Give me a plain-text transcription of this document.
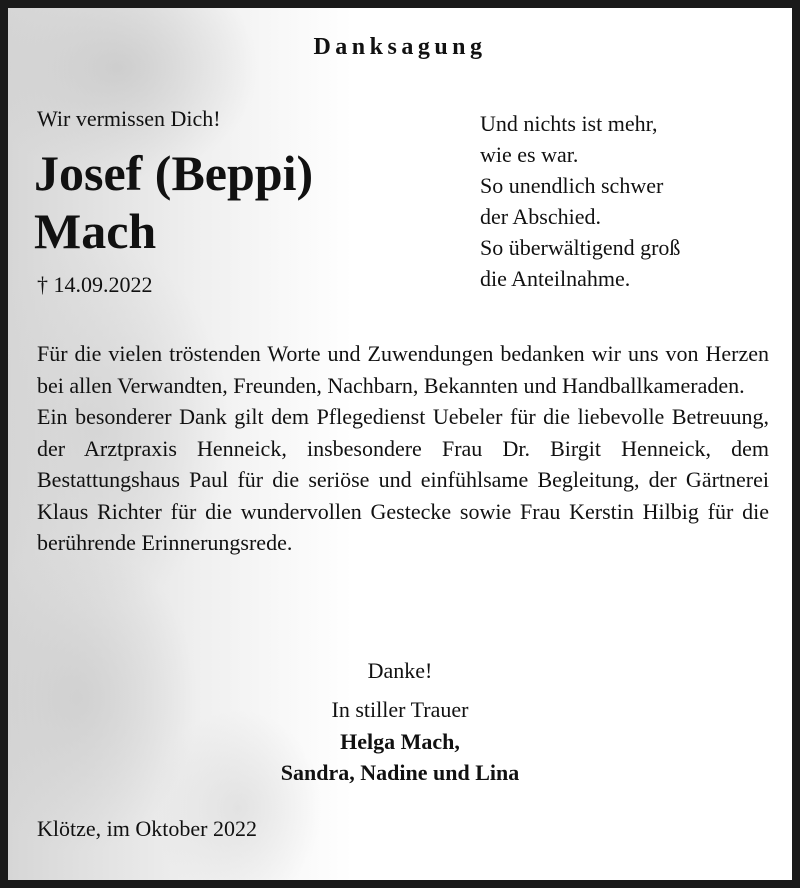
Danksagung
Wir vermissen Dich!
Josef (Beppi)
Mach
† 14.09.2022
Und nichts ist mehr,
wie es war.
So unendlich schwer
der Abschied.
So überwältigend groß
die Anteilnahme.

Für die vielen tröstenden Worte und Zuwendungen bedanken wir uns von Herzen bei allen Verwandten, Freunden, Nachbarn, Bekannten und Handballkameraden.

Ein besonderer Dank gilt dem Pflegedienst Uebeler für die liebevolle Betreuung, der Arztpraxis Henneick, insbesondere Frau Dr. Birgit Henneick, dem Bestattungshaus Paul für die seriöse und einfühlsame Begleitung, der Gärtnerei Klaus Richter für die wundervollen Gestecke sowie Frau Kerstin Hilbig für die berührende Erinnerungsrede.

Danke!
In stiller Trauer
Helga Mach,
Sandra, Nadine und Lina
Klötze, im Oktober 2022
